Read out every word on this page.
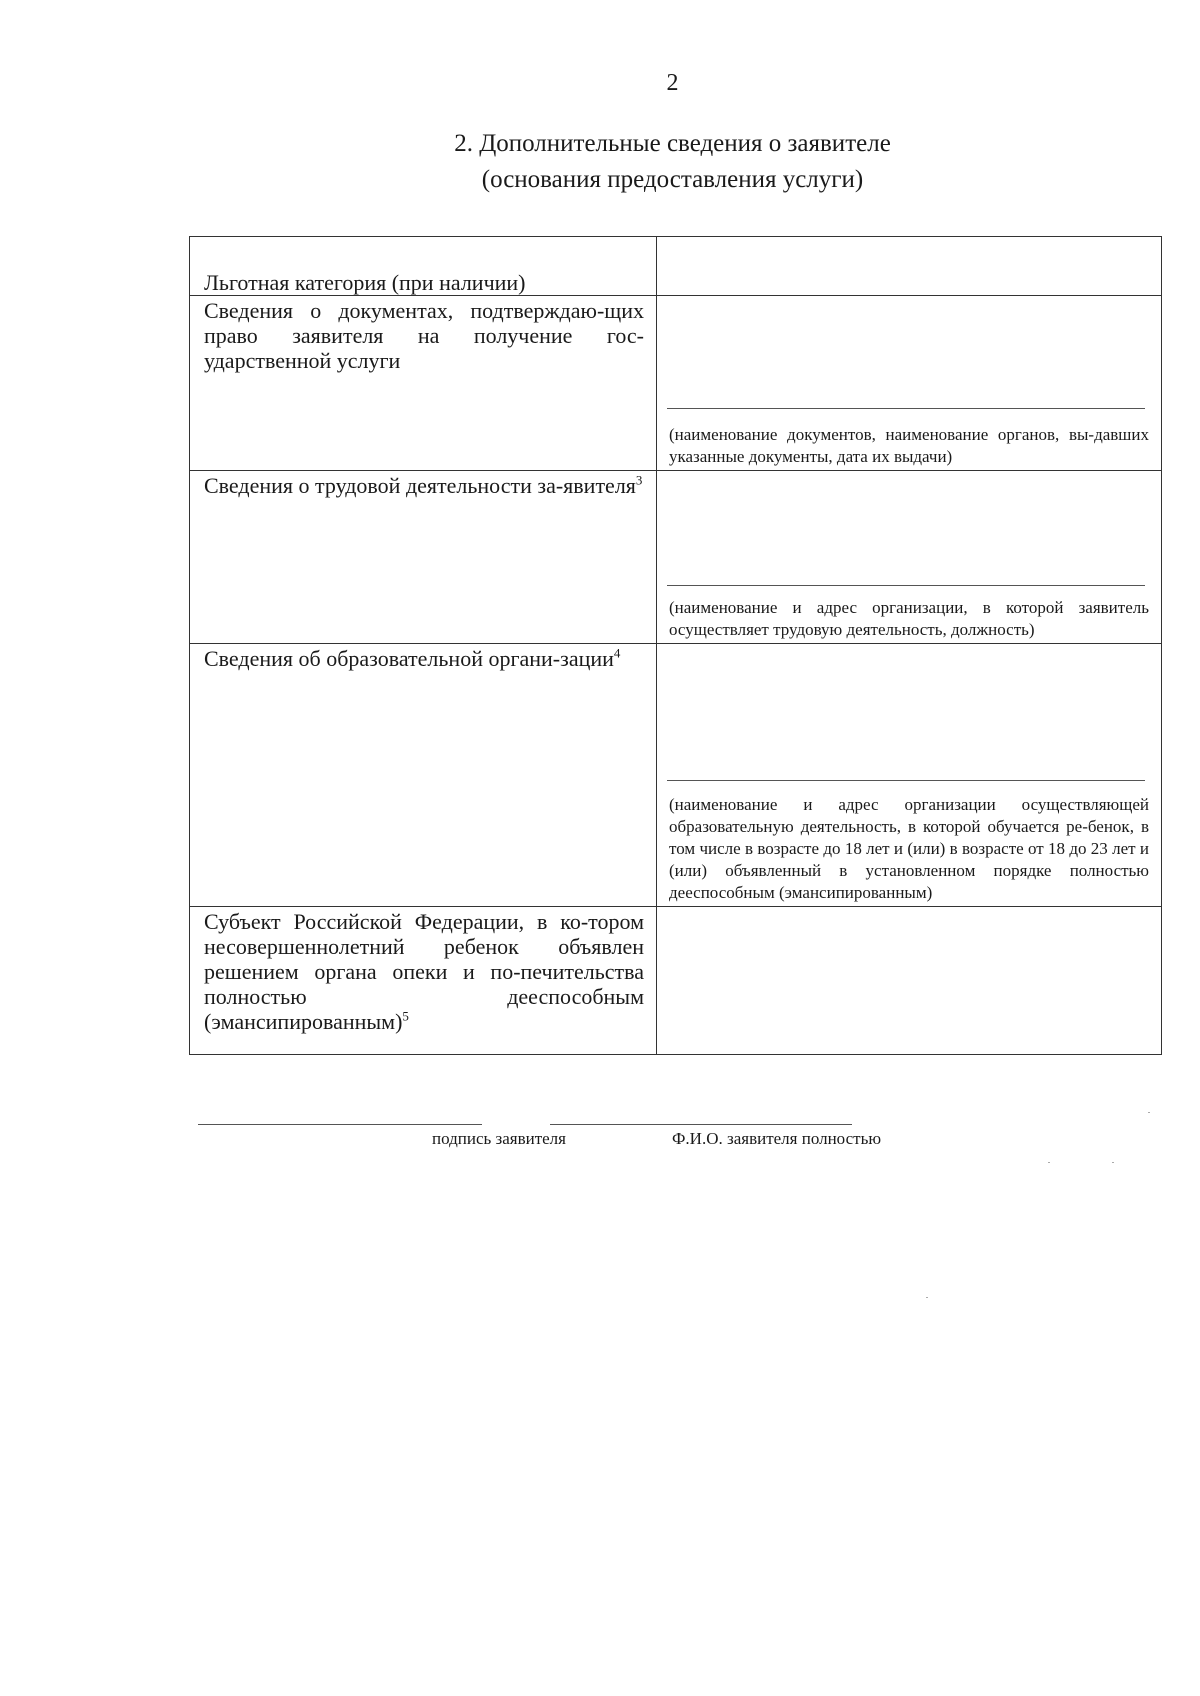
2
2. Дополнительные сведения о заявителе
(основания предоставления услуги)
Льготная категория (при наличии)	

Сведения о документах, подтверждаю-щих право заявителя на получение гос-ударственной услуги	(наименование документов, наименование органов, вы-давших указанные документы, дата их выдачи)

Сведения о трудовой деятельности за-явителя$^3$	(наименование и адрес организации, в которой заявитель осуществляет трудовую деятельность, должность)

Сведения об образовательной органи-зации$^4$	(наименование и адрес организации осуществляющей образовательную деятельность, в которой обучается ре-бенок, в том числе в возрасте до 18 лет и (или) в возрасте от 18 до 23 лет и (или) объявленный в установленном порядке полностью дееспособным (эмансипированным)

Субъект Российской Федерации, в ко-тором несовершеннолетний ребенок объявлен решением органа опеки и по-печительства полностью дееспособным (эмансипированным)$^5$

подпись заявителя	Ф.И.О. заявителя полностью
